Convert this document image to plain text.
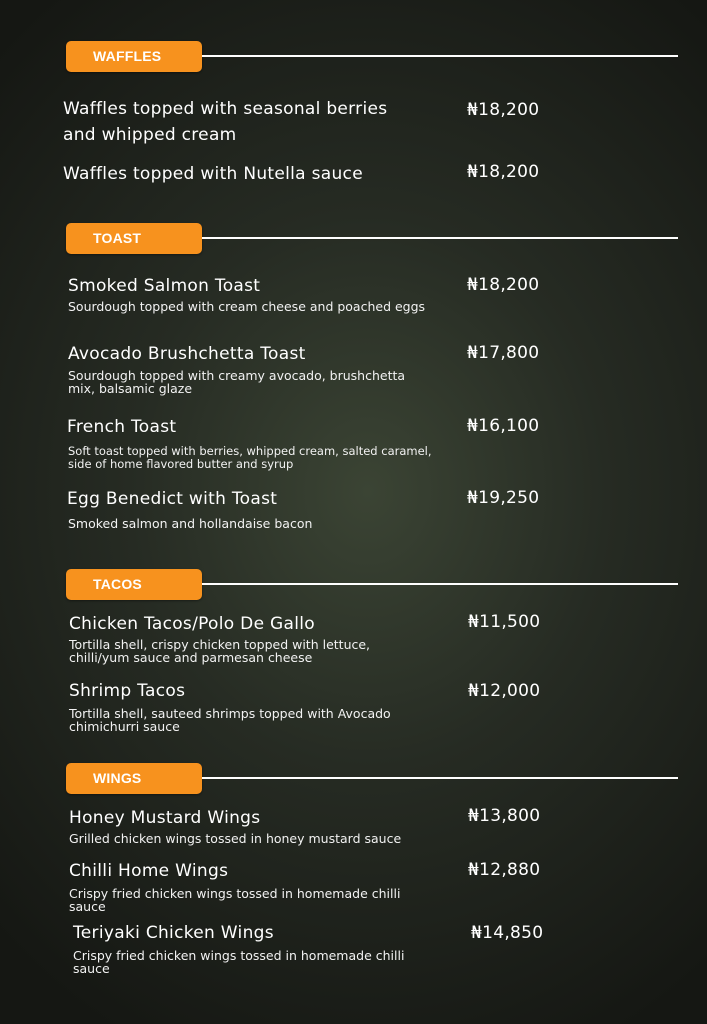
WAFFLES
Waffles topped with seasonal berries and whipped cream
₦18,200
Waffles topped with Nutella sauce	₦18,200
TOAST
Smoked Salmon Toast
Sourdough topped with cream cheese and poached eggs
₦18,200
Avocado Brushchetta Toast
Sourdough topped with creamy avocado, brushchetta mix, balsamic glaze
₦17,800
French Toast
Soft toast topped with berries, whipped cream, salted caramel, side of home flavored butter and syrup
₦16,100
Egg Benedict with Toast
Smoked salmon and hollandaise bacon
₦19,250
TACOS
Chicken Tacos/Polo De Gallo
Tortilla shell, crispy chicken topped with lettuce, chilli/yum sauce and parmesan cheese
₦11,500
Shrimp Tacos
Tortilla shell, sauteed shrimps topped with Avocado chimichurri sauce
₦12,000
WINGS
Honey Mustard Wings
Grilled chicken wings tossed in honey mustard sauce
₦13,800
Chilli Home Wings
Crispy fried chicken wings tossed in homemade chilli sauce
₦12,880
Teriyaki Chicken Wings
Crispy fried chicken wings tossed in homemade chilli sauce
₦14,850
